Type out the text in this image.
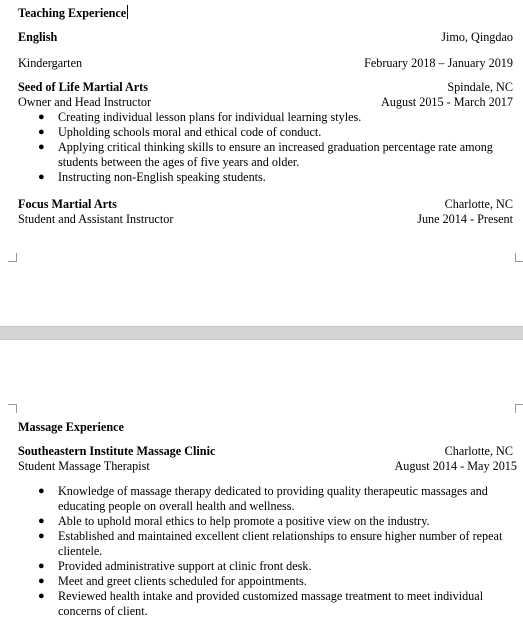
Teaching Experience
English	Jimo, Qingdao
Kindergarten	February 2018 – January 2019
Seed of Life Martial Arts	Spindale, NC
Owner and Head Instructor	August 2015 - March 2017
● Creating individual lesson plans for individual learning styles.
● Upholding schools moral and ethical code of conduct.
● Applying critical thinking skills to ensure an increased graduation percentage rate among students between the ages of five years and older.
● Instructing non-English speaking students.
Focus Martial Arts	Charlotte, NC
Student and Assistant Instructor	June 2014 - Present
Massage Experience
Southeastern Institute Massage Clinic	Charlotte, NC
Student Massage Therapist	August 2014 - May 2015
● Knowledge of massage therapy dedicated to providing quality therapeutic massages and educating people on overall health and wellness.
● Able to uphold moral ethics to help promote a positive view on the industry.
● Established and maintained excellent client relationships to ensure higher number of repeat clientele.
● Provided administrative support at clinic front desk.
● Meet and greet clients scheduled for appointments.
● Reviewed health intake and provided customized massage treatment to meet individual concerns of client.
